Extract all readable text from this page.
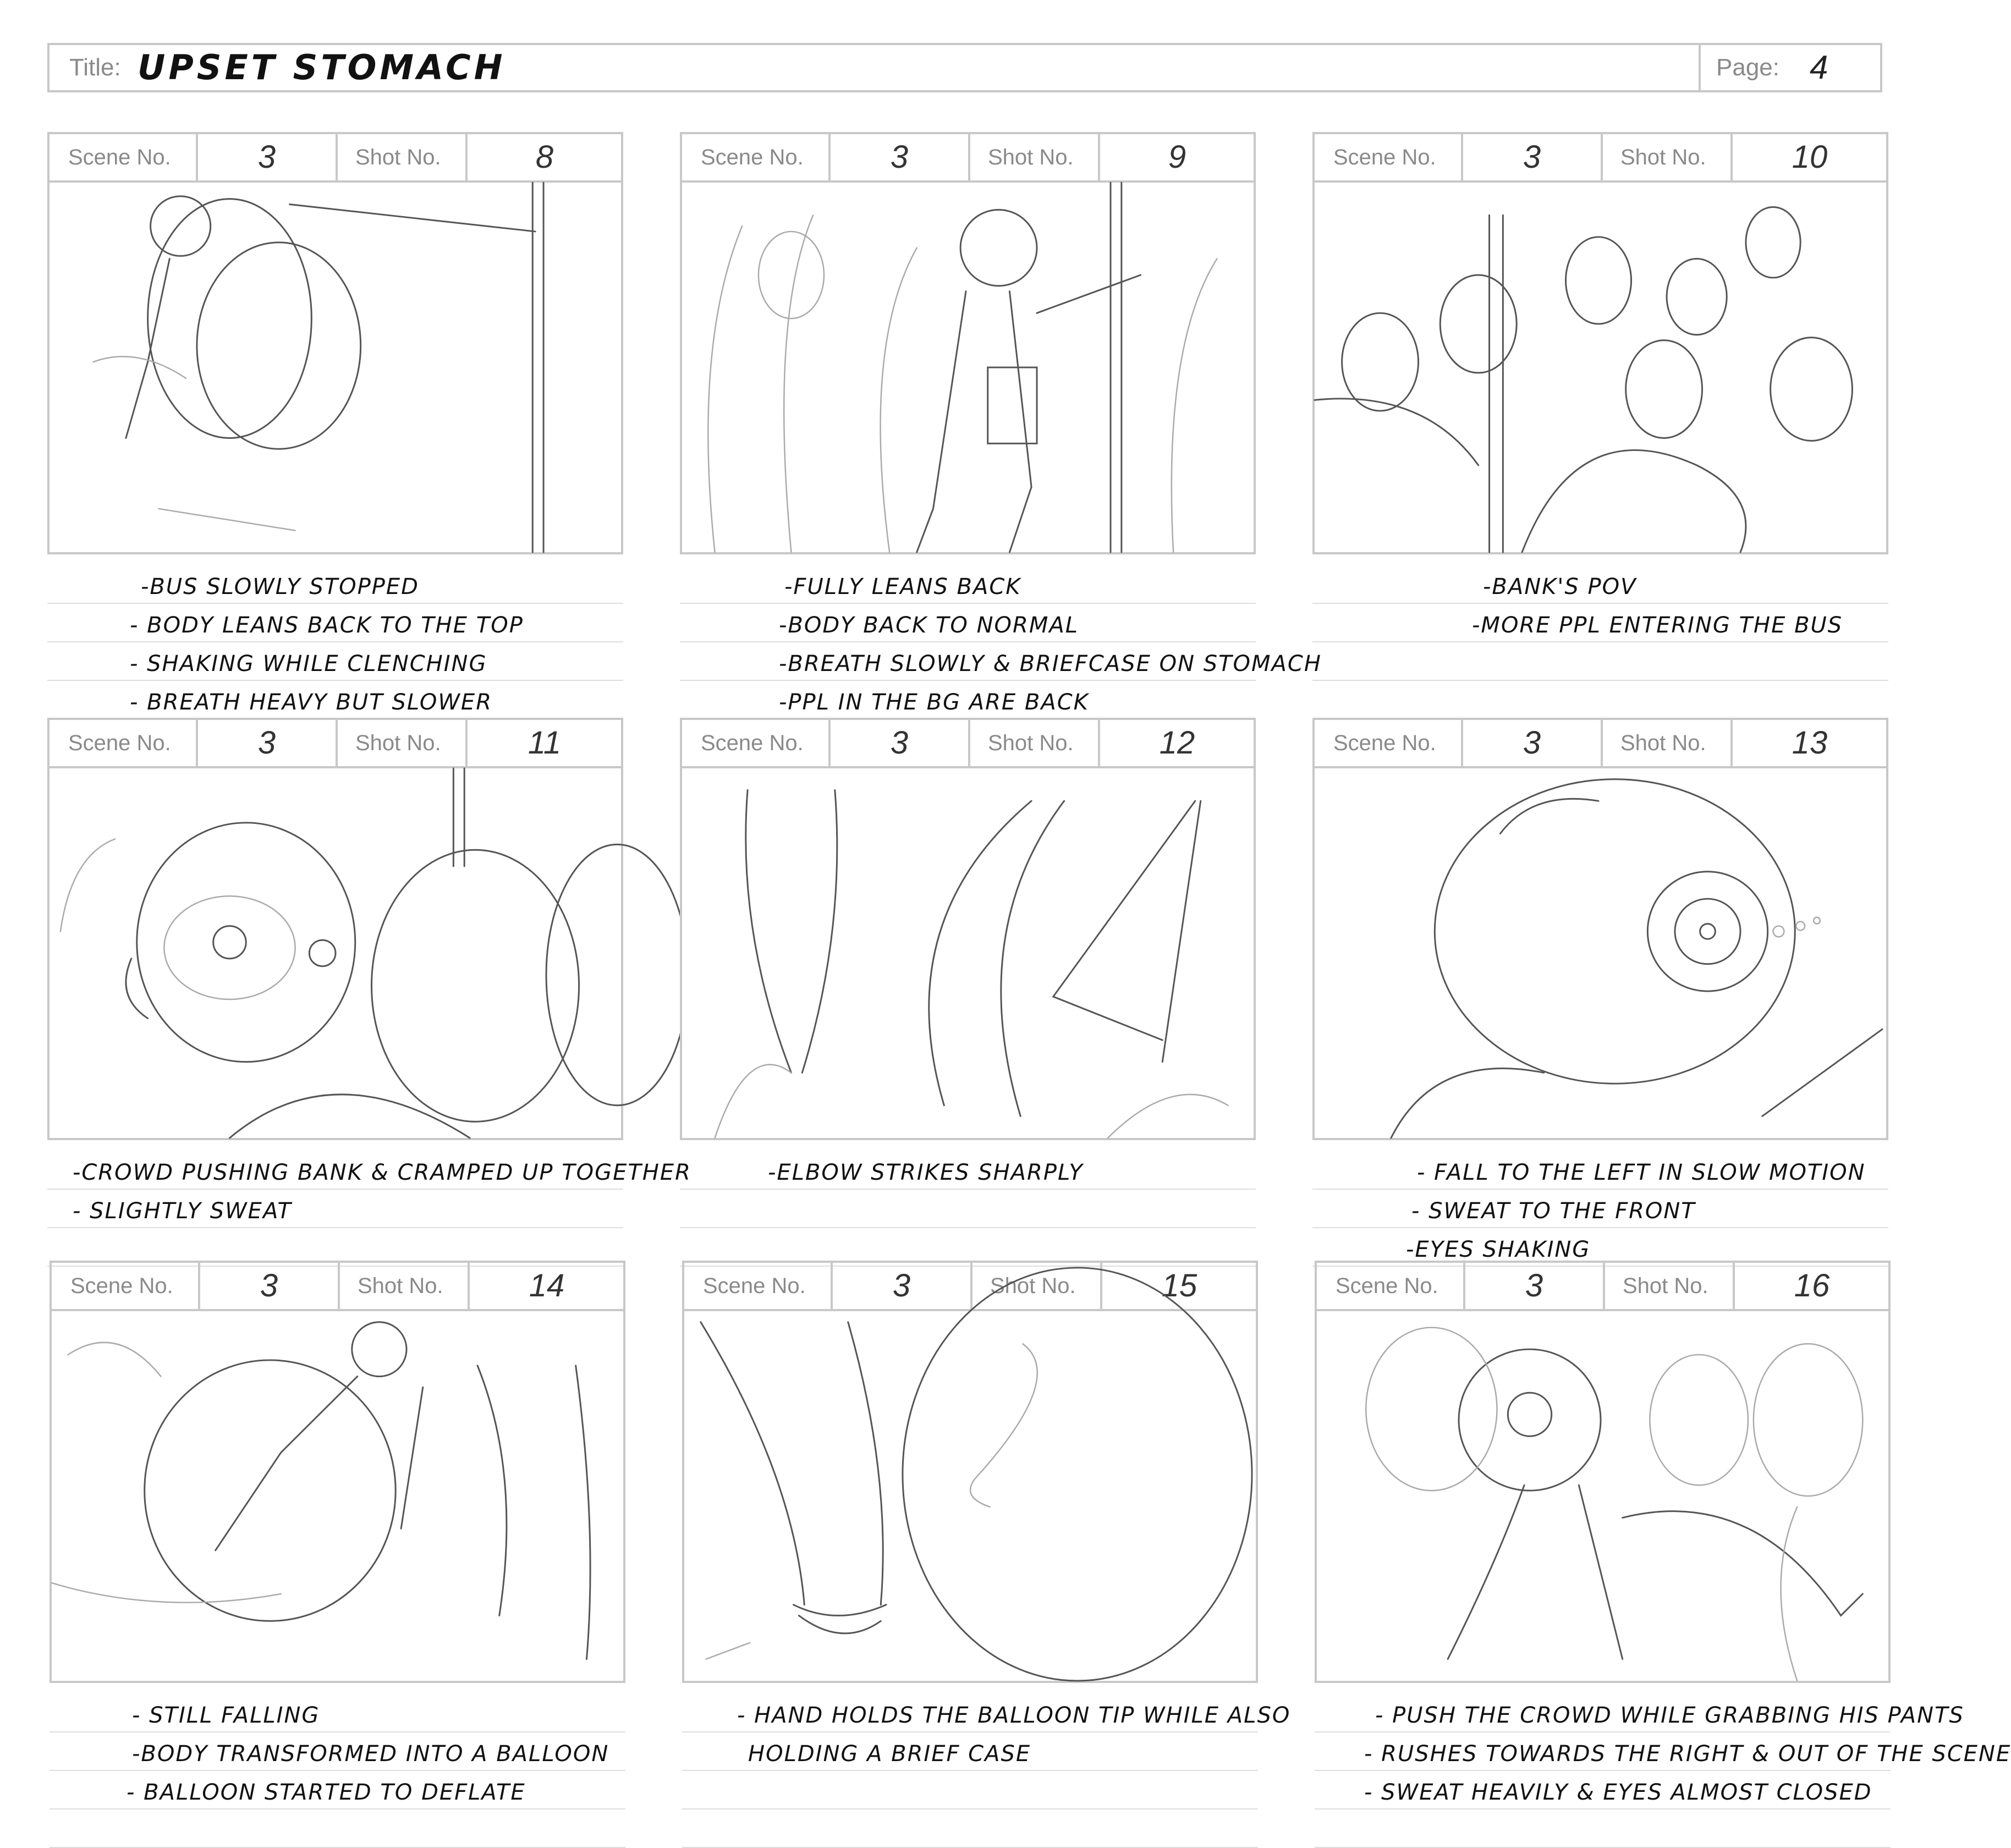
Title: UPSET STOMACH	Page: 4
Scene No.	3	Shot No.	8
-BUS SLOWLY STOPPED
- BODY LEANS BACK TO THE TOP
- SHAKING WHILE CLENCHING
- BREATH HEAVY BUT SLOWER
Scene No.	3	Shot No.	9
-FULLY LEANS BACK
-BODY BACK TO NORMAL
-BREATH SLOWLY & BRIEFCASE ON STOMACH
-PPL IN THE BG ARE BACK
Scene No.	3	Shot No.	10
-BANK'S POV
-MORE PPL ENTERING THE BUS
Scene No.	3	Shot No.	11
-CROWD PUSHING BANK & CRAMPED UP TOGETHER
- SLIGHTLY SWEAT
Scene No.	3	Shot No.	12
-ELBOW STRIKES SHARPLY
Scene No.	3	Shot No.	13
- FALL TO THE LEFT IN SLOW MOTION
- SWEAT TO THE FRONT
-EYES SHAKING
Scene No.	3	Shot No.	14
- STILL FALLING
-BODY TRANSFORMED INTO A BALLOON
- BALLOON STARTED TO DEFLATE
Scene No.	3	Shot No.	15
- HAND HOLDS THE BALLOON TIP WHILE ALSO
HOLDING A BRIEF CASE
Scene No.	3	Shot No.	16
- PUSH THE CROWD WHILE GRABBING HIS PANTS
- RUSHES TOWARDS THE RIGHT & OUT OF THE SCENE
- SWEAT HEAVILY & EYES ALMOST CLOSED
